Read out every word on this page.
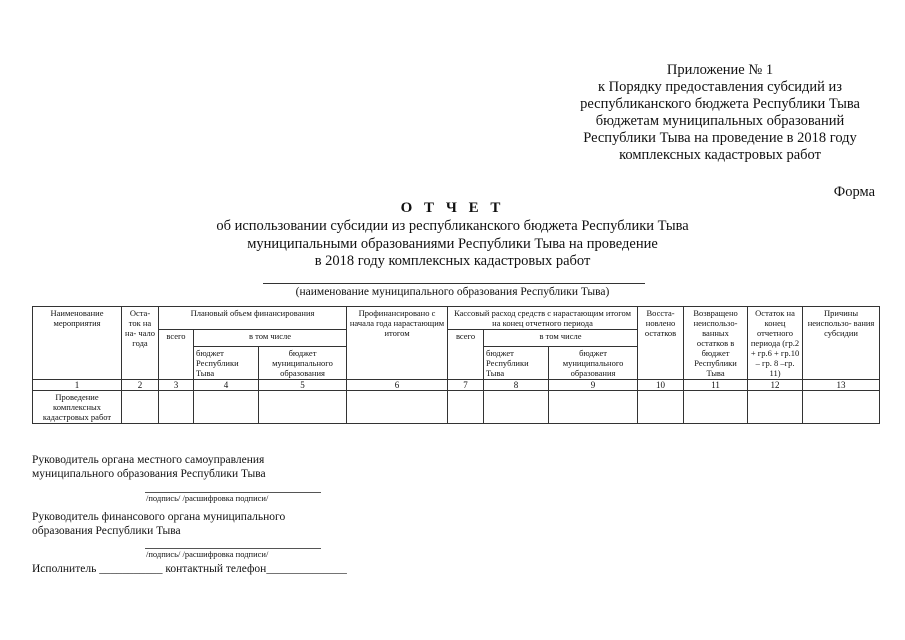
Приложение № 1
к Порядку предоставления субсидий из
республиканского бюджета Республики Тыва
бюджетам муниципальных образований
Республики Тыва на проведение в 2018 году
комплексных кадастровых работ
Форма
О Т Ч Е Т
об использовании субсидии из республиканского бюджета Республики Тыва
муниципальными образованиями Республики Тыва на проведение
в 2018 году комплексных кадастровых работ
(наименование муниципального образования Республики Тыва)
Наименование мероприятия	Оста- ток на на- чало года	Плановый объем финансирования			Профинансировано с начала года нарастающим итогом	Кассовый расход средств с нарастающим итогом на конец отчетного периода			Восста- новлено остатков	Возвращено неиспользо- ванных остатков в бюджет Республики Тыва	Остаток на конец отчетного периода (гр.2 + гр.6 + гр.10 – гр. 8 –гр. 11)	Причины неиспользо- вания субсидии
		всего	в том числе			всего	в том числе					
			бюджет Республики Тыва	бюджет муниципального образования			бюджет Республики Тыва	бюджет муниципального образования				
1	2	3	4	5	6	7	8	9	10	11	12	13
Проведение комплексных кадастровых работ												
Руководитель органа местного самоуправления
муниципального образования Республики Тыва
/подпись/ /расшифровка подписи/
Руководитель финансового органа муниципального
образования Республики Тыва
/подпись/ /расшифровка подписи/
Исполнитель ___________ контактный телефон______________
